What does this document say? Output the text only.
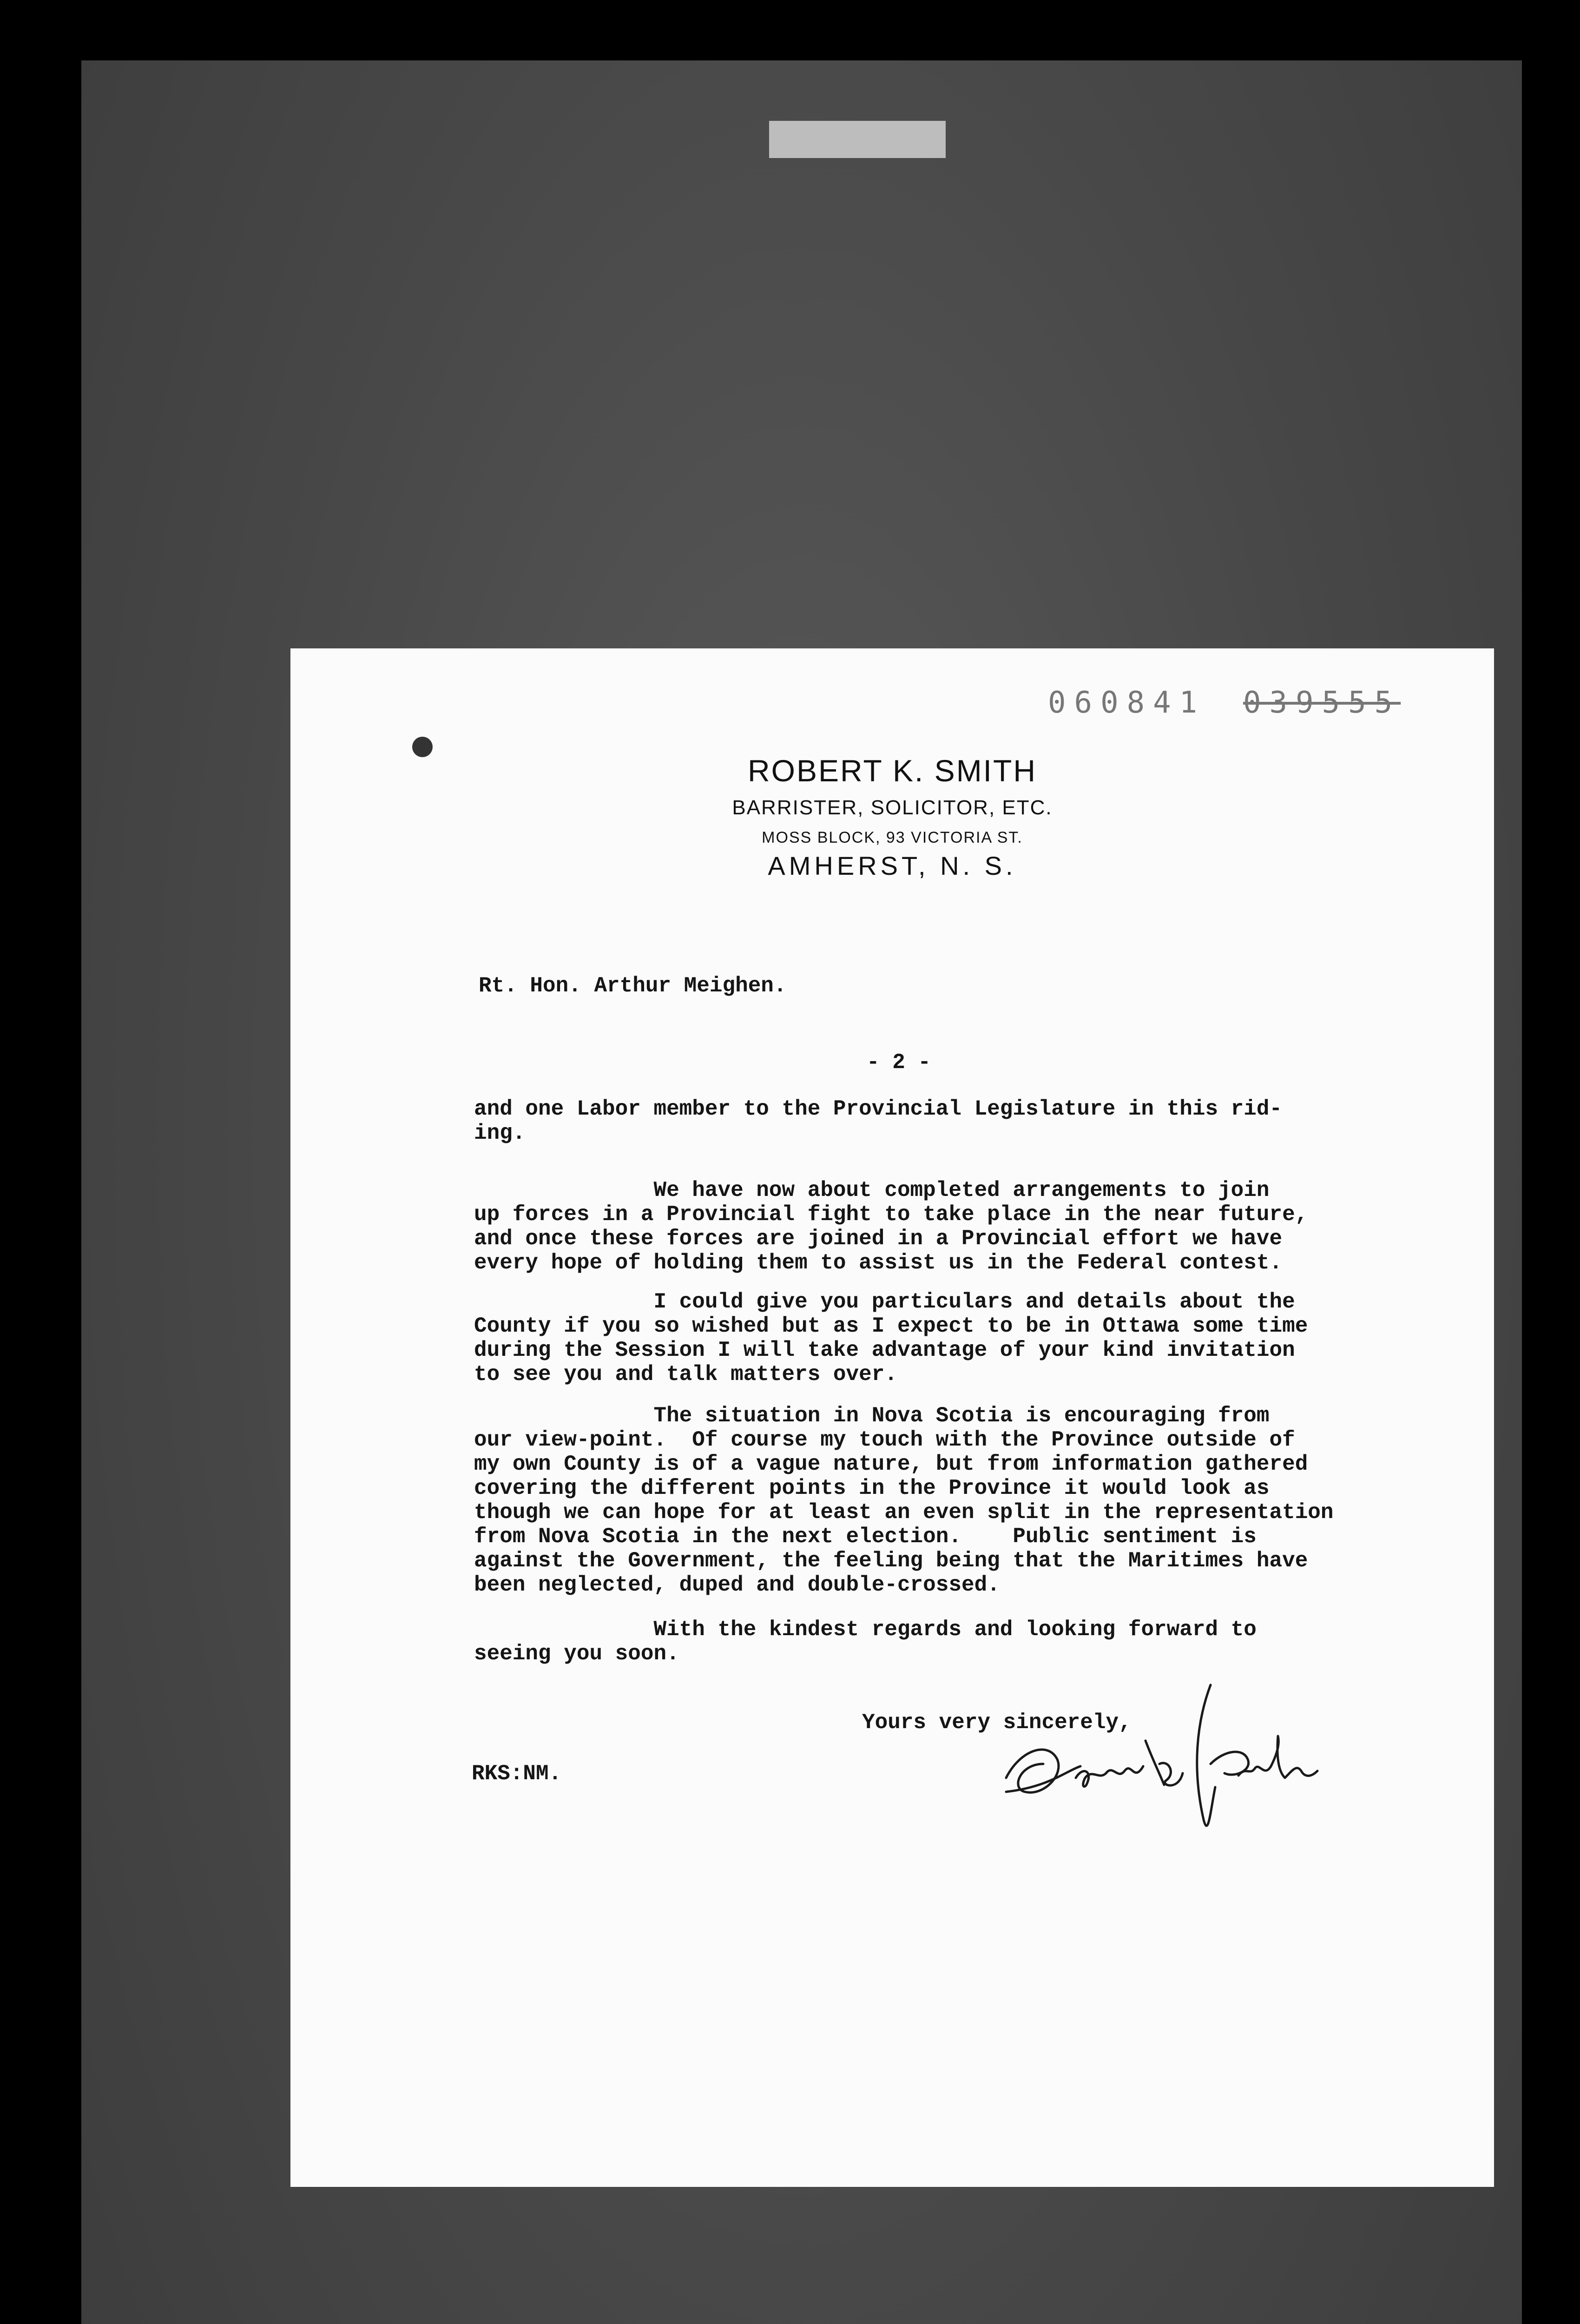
060841 039555
ROBERT K. SMITH
BARRISTER, SOLICITOR, ETC.
MOSS BLOCK, 93 VICTORIA ST.
AMHERST, N. S.

Rt. Hon. Arthur Meighen.

- 2 -

and one Labor member to the Provincial Legislature in this rid-
ing.

We have now about completed arrangements to join
up forces in a Provincial fight to take place in the near future,
and once these forces are joined in a Provincial effort we have
every hope of holding them to assist us in the Federal contest.

I could give you particulars and details about the
County if you so wished but as I expect to be in Ottawa some time
during the Session I will take advantage of your kind invitation
to see you and talk matters over.

The situation in Nova Scotia is encouraging from
our view-point.  Of course my touch with the Province outside of
my own County is of a vague nature, but from information gathered
covering the different points in the Province it would look as
though we can hope for at least an even split in the representation
from Nova Scotia in the next election.    Public sentiment is
against the Government, the feeling being that the Maritimes have
been neglected, duped and double-crossed.

With the kindest regards and looking forward to
seeing you soon.

Yours very sincerely,

RKS:NM.
